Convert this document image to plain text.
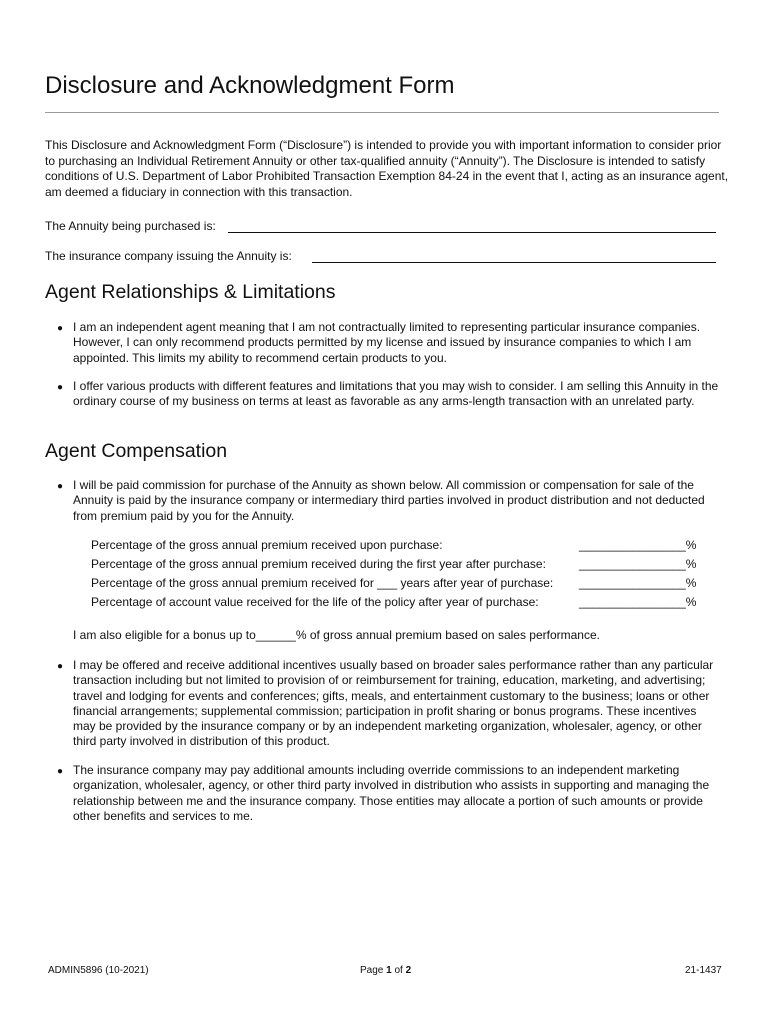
Disclosure and Acknowledgment Form

This Disclosure and Acknowledgment Form (“Disclosure”) is intended to provide you with important information to consider prior to purchasing an Individual Retirement Annuity or other tax-qualified annuity (“Annuity”). The Disclosure is intended to satisfy conditions of U.S. Department of Labor Prohibited Transaction Exemption 84-24 in the event that I, acting as an insurance agent, am deemed a fiduciary in connection with this transaction.

The Annuity being purchased is:
The insurance company issuing the Annuity is:
Agent Relationships & Limitations
● I am an independent agent meaning that I am not contractually limited to representing particular insurance companies. However, I can only recommend products permitted by my license and issued by insurance companies to which I am appointed. This limits my ability to recommend certain products to you.

● I offer various products with different features and limitations that you may wish to consider. I am selling this Annuity in the ordinary course of my business on terms at least as favorable as any arms-length transaction with an unrelated party.

Agent Compensation
● I will be paid commission for purchase of the Annuity as shown below. All commission or compensation for sale of the Annuity is paid by the insurance company or intermediary third parties involved in product distribution and not deducted from premium paid by you for the Annuity.

Percentage of the gross annual premium received upon purchase:	________________%
Percentage of the gross annual premium received during the first year after purchase:	________________%
Percentage of the gross annual premium received for ___ years after year of purchase: ________________%
Percentage of account value received for the life of the policy after year of purchase:	________________%
I am also eligible for a bonus up to______% of gross annual premium based on sales performance.
● I may be offered and receive additional incentives usually based on broader sales performance rather than any particular transaction including but not limited to provision of or reimbursement for training, education, marketing, and advertising; travel and lodging for events and conferences; gifts, meals, and entertainment customary to the business; loans or other financial arrangements; supplemental commission; participation in profit sharing or bonus programs. These incentives may be provided by the insurance company or by an independent marketing organization, wholesaler, agency, or other third party involved in distribution of this product.

● The insurance company may pay additional amounts including override commissions to an independent marketing organization, wholesaler, agency, or other third party involved in distribution who assists in supporting and managing the relationship between me and the insurance company. Those entities may allocate a portion of such amounts or provide other benefits and services to me.

ADMIN5896 (10-2021)	Page 1 of 2	21-1437
